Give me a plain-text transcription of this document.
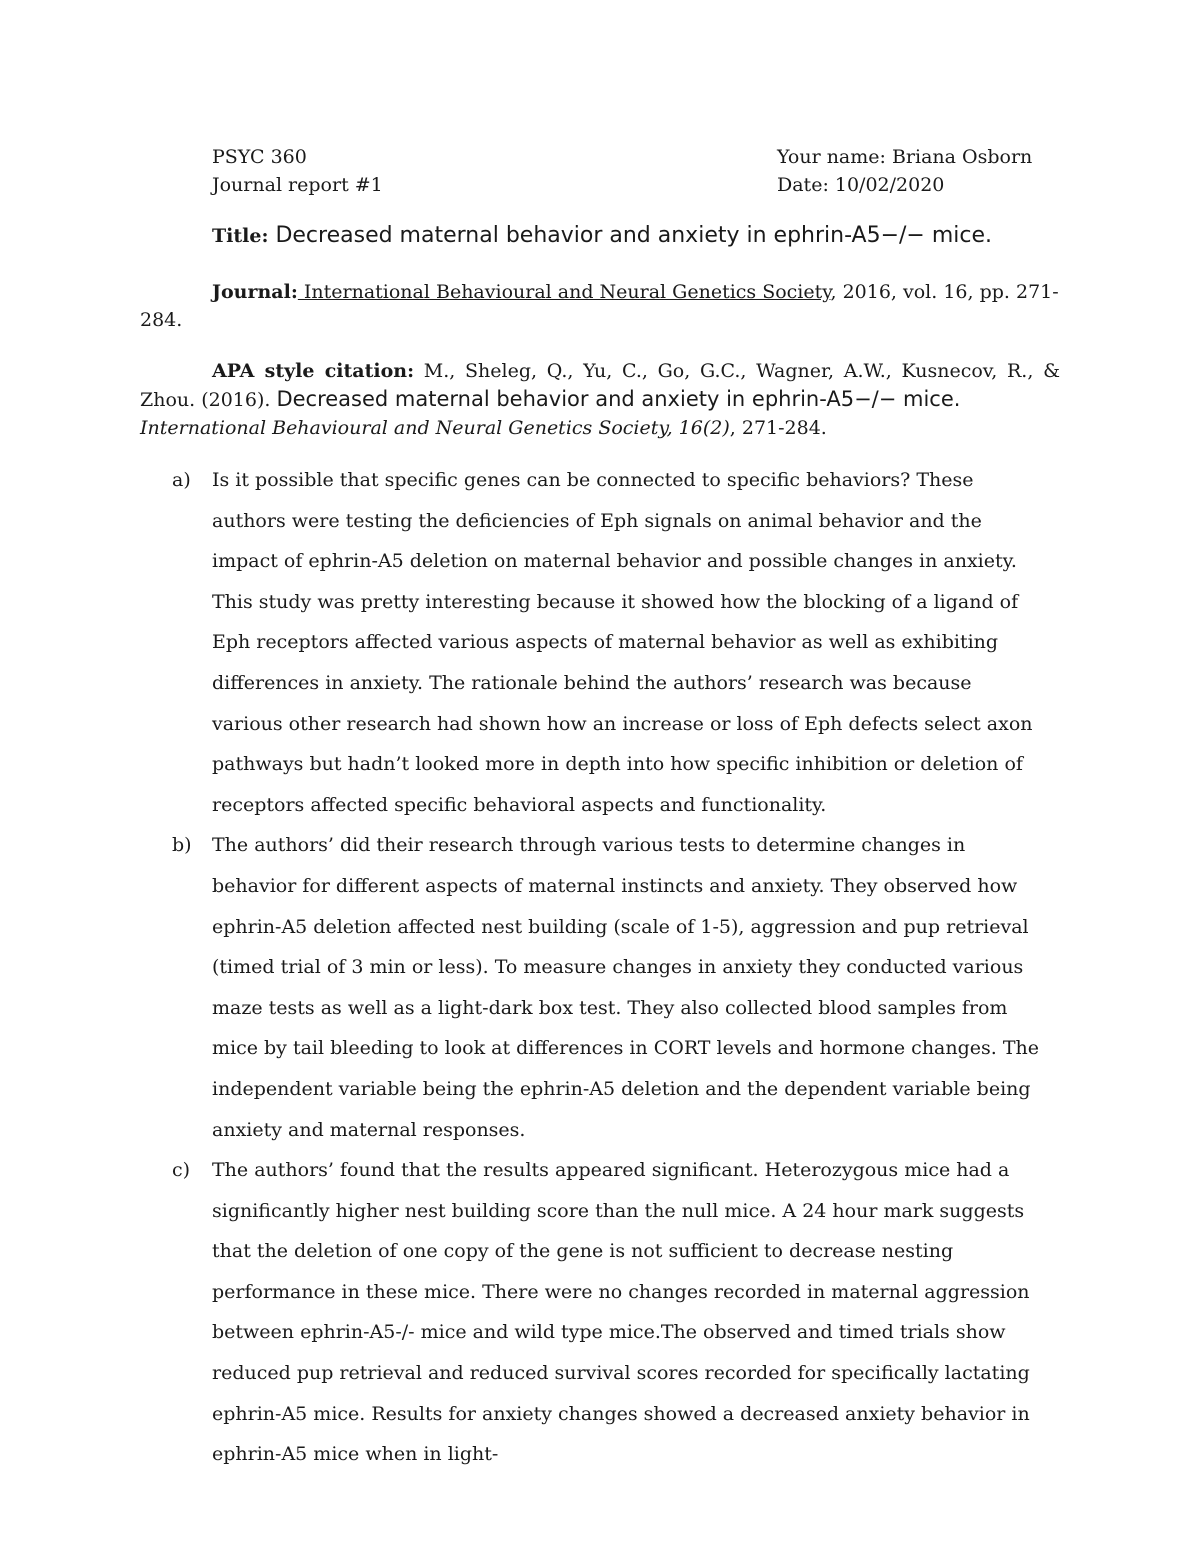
PSYC 360	Your name: Briana Osborn
Journal report #1	Date: 10/02/2020
Title: Decreased maternal behavior and anxiety in ephrin-A5−/− mice.
Journal: International Behavioural and Neural Genetics Society, 2016, vol. 16, pp. 271-284.
APA style citation: M., Sheleg, Q., Yu, C., Go, G.C., Wagner, A.W., Kusnecov, R., & Zhou. (2016). Decreased maternal behavior and anxiety in ephrin-A5−/− mice.
International Behavioural and Neural Genetics Society, 16(2), 271-284.
a)	Is it possible that specific genes can be connected to specific behaviors? These authors were testing the deficiencies of Eph signals on animal behavior and the impact of ephrin-A5 deletion on maternal behavior and possible changes in anxiety. This study was pretty interesting because it showed how the blocking of a ligand of Eph receptors affected various aspects of maternal behavior as well as exhibiting differences in anxiety. The rationale behind the authors’ research was because various other research had shown how an increase or loss of Eph defects select axon pathways but hadn’t looked more in depth into how specific inhibition or deletion of receptors affected specific behavioral aspects and functionality.
b)	The authors’ did their research through various tests to determine changes in behavior for different aspects of maternal instincts and anxiety. They observed how ephrin-A5 deletion affected nest building (scale of 1-5), aggression and pup retrieval (timed trial of 3 min or less). To measure changes in anxiety they conducted various maze tests as well as a light-dark box test. They also collected blood samples from mice by tail bleeding to look at differences in CORT levels and hormone changes. The independent variable being the ephrin-A5 deletion and the dependent variable being anxiety and maternal responses.
c)	The authors’ found that the results appeared significant. Heterozygous mice had a significantly higher nest building score than the null mice. A 24 hour mark suggests that the deletion of one copy of the gene is not sufficient to decrease nesting performance in these mice. There were no changes recorded in maternal aggression between ephrin-A5-/- mice and wild type mice.The observed and timed trials show reduced pup retrieval and reduced survival scores recorded for specifically lactating ephrin-A5 mice. Results for anxiety changes showed a decreased anxiety behavior in ephrin-A5 mice when in light-
